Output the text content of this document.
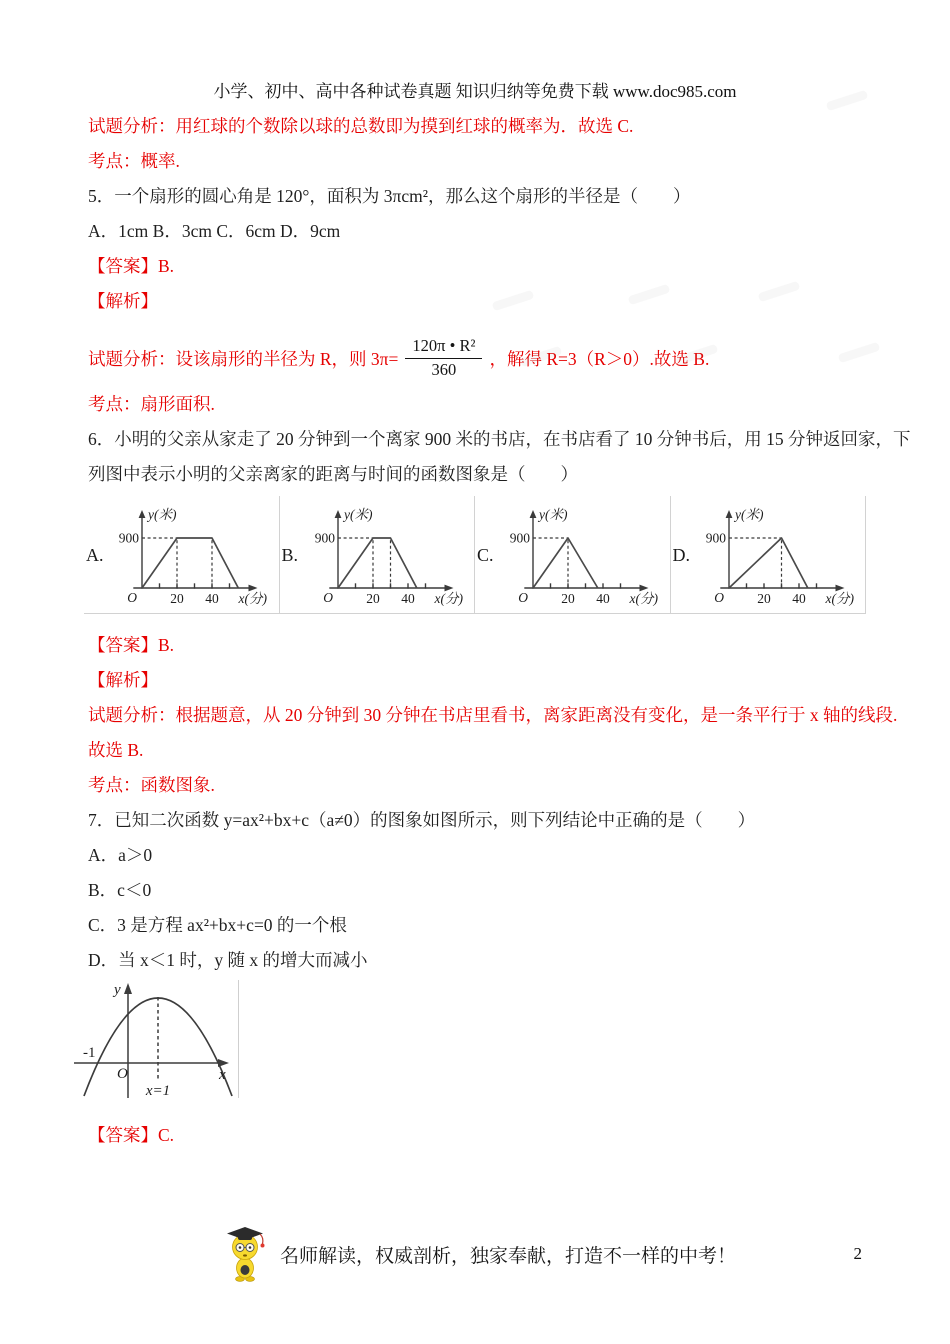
小学、初中、高中各种试卷真题 知识归纳等免费下载 www.doc985.com
试题分析：用红球的个数除以球的总数即为摸到红球的概率为．故选 C.
考点：概率.
5．一个扇形的圆心角是 120°，面积为 3πcm²，那么这个扇形的半径是（　　）
A．1cm B．3cm C．6cm D．9cm
【答案】B.
【解析】
试题分析：设该扇形的半径为 R，则 $3\pi= \frac{\text{120π • R²}}{360}$ ，解得 R=3（R＞0）.故选 B.
考点：扇形面积.
6．小明的父亲从家走了 20 分钟到一个离家 900 米的书店，在书店看了 10 分钟书后，用 15 分钟返回家，下
列图中表示小明的父亲离家的距离与时间的函数图象是（　　）
A.
900
y(米)
x(分)
O 20 40
B.
900
y(米)
x(分)
O 20 40
C.
900
y(米)
x(分)
O 20 40
D.
900
y(米)
x(分)
O 20 40
【答案】B.
【解析】
试题分析：根据题意，从 20 分钟到 30 分钟在书店里看书，离家距离没有变化，是一条平行于 x 轴的线段.
故选 B.
考点：函数图象.
7．已知二次函数 y=ax²+bx+c（a≠0）的图象如图所示，则下列结论中正确的是（　　）
A．a＞0
B．c＜0
C．3 是方程 ax²+bx+c=0 的一个根
D．当 x＜1 时，y 随 x 的增大而减小
y
x
O
-1
x=1
【答案】C.
名师解读，权威剖析，独家奉献，打造不一样的中考！	2
